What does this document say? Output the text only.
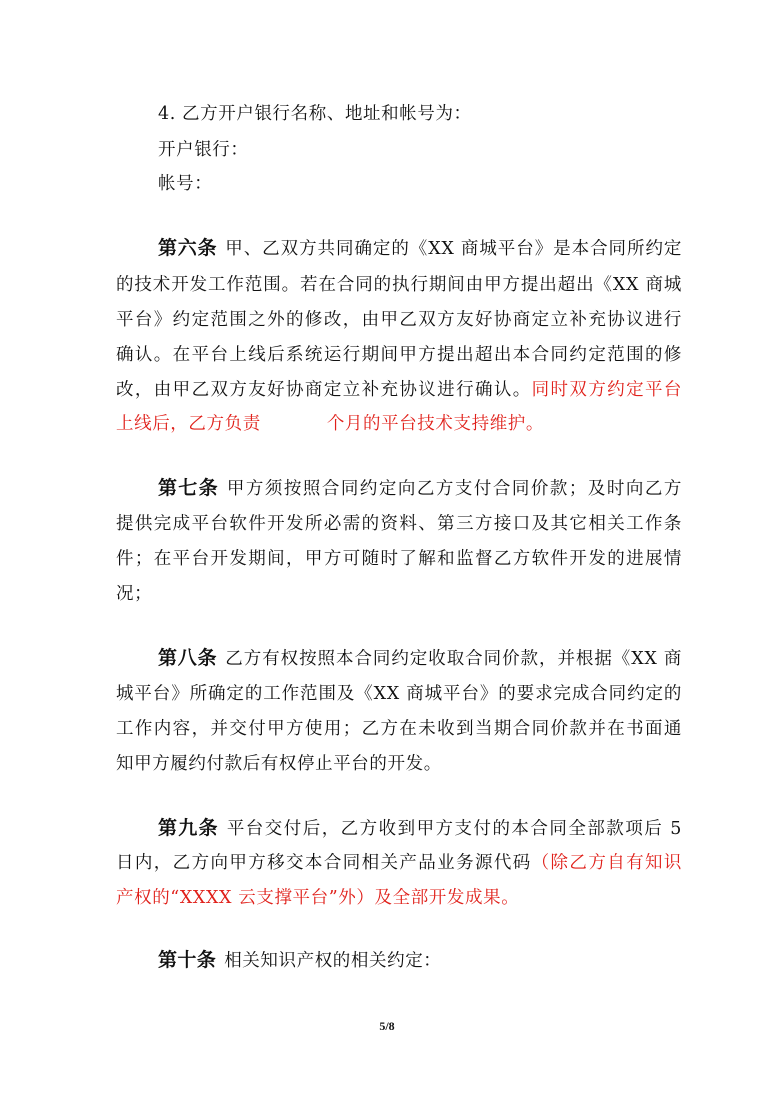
4. 乙方开户银行名称、地址和帐号为：
开户银行：
帐号：
第六条 甲、乙双方共同确定的《XX 商城平台》是本合同所约定
的技术开发工作范围。若在合同的执行期间由甲方提出超出《XX 商城
平台》约定范围之外的修改，由甲乙双方友好协商定立补充协议进行
确认。在平台上线后系统运行期间甲方提出超出本合同约定范围的修
改，由甲乙双方友好协商定立补充协议进行确认。同时双方约定平台
上线后，乙方负责	个月的平台技术支持维护。
第七条 甲方须按照合同约定向乙方支付合同价款；及时向乙方
提供完成平台软件开发所必需的资料、第三方接口及其它相关工作条
件；在平台开发期间，甲方可随时了解和监督乙方软件开发的进展情
况；
第八条 乙方有权按照本合同约定收取合同价款，并根据《XX 商
城平台》所确定的工作范围及《XX 商城平台》的要求完成合同约定的
工作内容，并交付甲方使用；乙方在未收到当期合同价款并在书面通
知甲方履约付款后有权停止平台的开发。
第九条 平台交付后，乙方收到甲方支付的本合同全部款项后 5
日内，乙方向甲方移交本合同相关产品业务源代码（除乙方自有知识
产权的“XXXX 云支撑平台”外）及全部开发成果。
第十条 相关知识产权的相关约定：
5/8
